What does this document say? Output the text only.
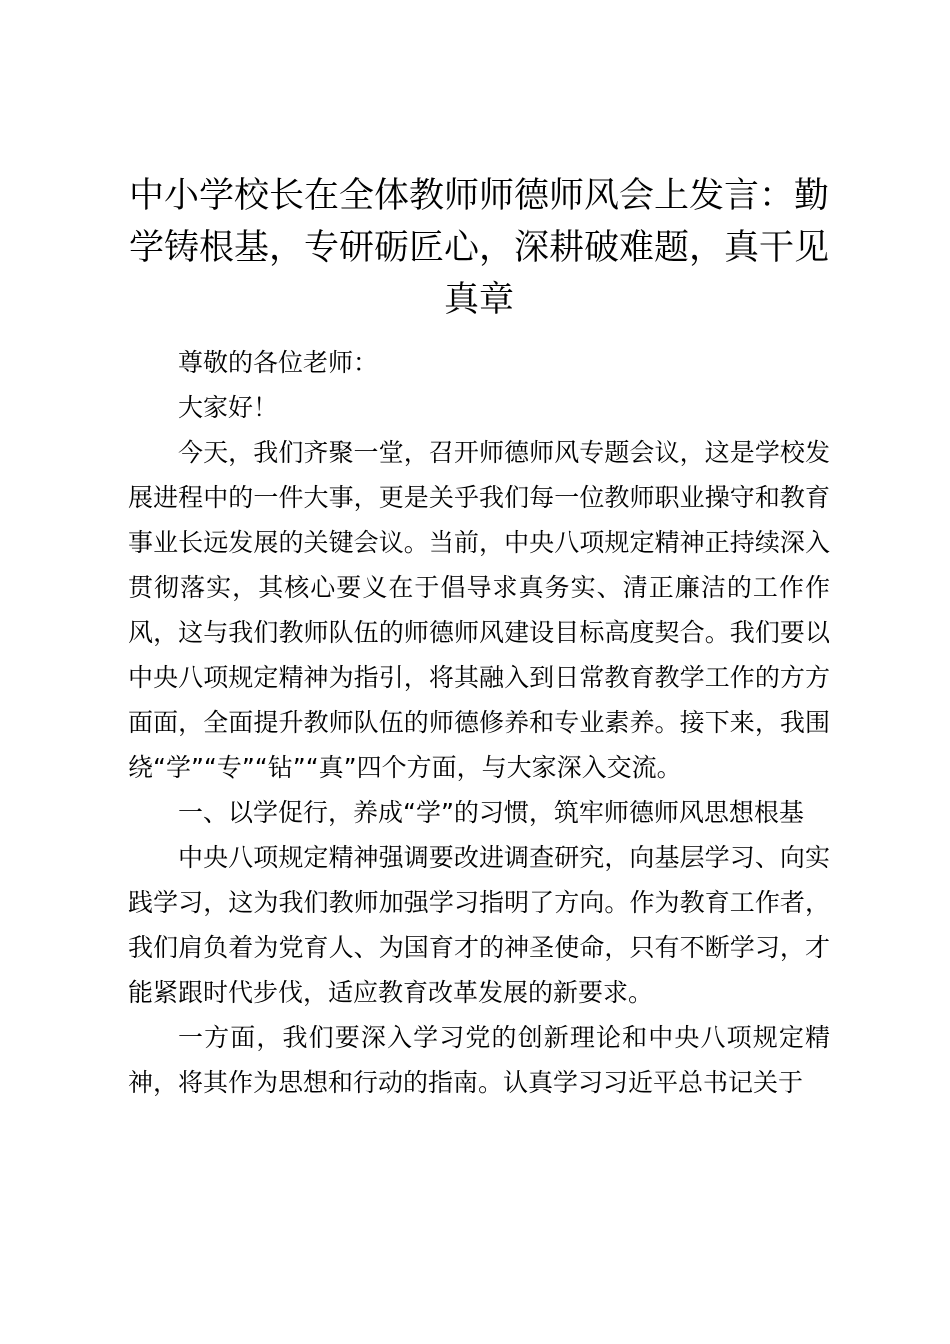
中小学校长在全体教师师德师风会上发言：勤学铸根基，专研砺匠心，深耕破难题，真干见真章

尊敬的各位老师：

大家好！

今天，我们齐聚一堂，召开师德师风专题会议，这是学校发展进程中的一件大事，更是关乎我们每一位教师职业操守和教育事业长远发展的关键会议。当前，中央八项规定精神正持续深入贯彻落实，其核心要义在于倡导求真务实、清正廉洁的工作作风，这与我们教师队伍的师德师风建设目标高度契合。我们要以中央八项规定精神为指引，将其融入到日常教育教学工作的方方面面，全面提升教师队伍的师德修养和专业素养。接下来，我围绕“学”“专”“钻”“真”四个方面，与大家深入交流。

一、以学促行，养成“学”的习惯，筑牢师德师风思想根基

中央八项规定精神强调要改进调查研究，向基层学习、向实践学习，这为我们教师加强学习指明了方向。作为教育工作者，我们肩负着为党育人、为国育才的神圣使命，只有不断学习，才能紧跟时代步伐，适应教育改革发展的新要求。

一方面，我们要深入学习党的创新理论和中央八项规定精神，将其作为思想和行动的指南。认真学习习近平总书记关于
